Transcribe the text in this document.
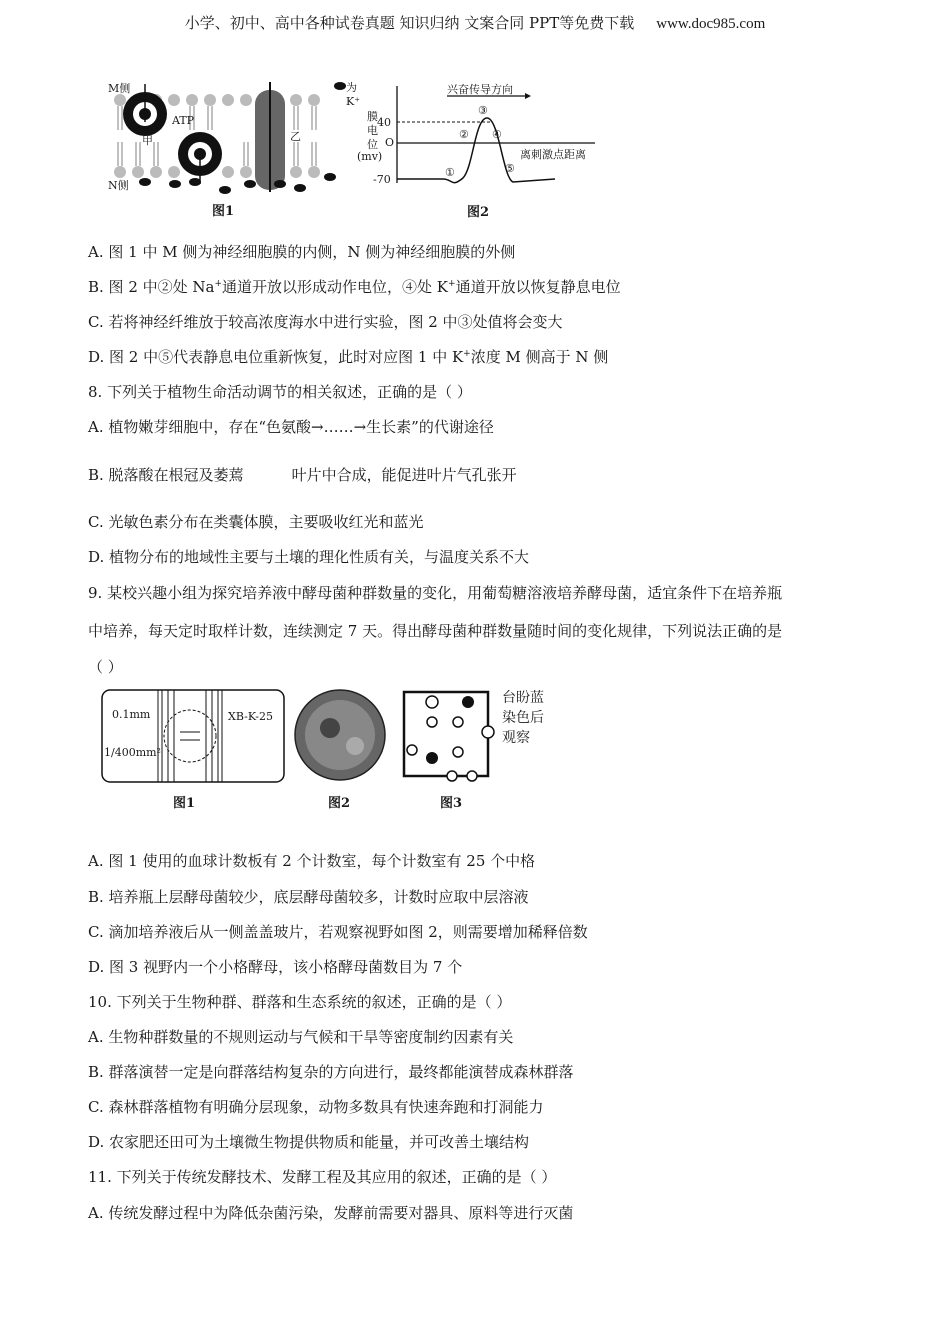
小学、初中、高中各种试卷真题 知识归纳 文案合同 PPT等免费下载 www.doc985.com
M侧	为K⁺
ATP
甲	乙
N侧
图1
兴奋传导方向
膜
电
位
(mv)
40
O
-70
离刺激点距离
①
②
③
④
⑤
图2
A. 图 1 中 M 侧为神经细胞膜的内侧，N 侧为神经细胞膜的外侧
B. 图 2 中②处 Na+通道开放以形成动作电位，④处 K+通道开放以恢复静息电位
C. 若将神经纤维放于较高浓度海水中进行实验，图 2 中③处值将会变大
D. 图 2 中⑤代表静息电位重新恢复，此时对应图 1 中 K+浓度 M 侧高于 N 侧
8. 下列关于植物生命活动调节的相关叙述，正确的是（ ）
A. 植物嫩芽细胞中，存在“色氨酸→……→生长素”的代谢途径
B. 脱落酸在根冠及萎蔫	叶片中合成，能促进叶片气孔张开
C. 光敏色素分布在类囊体膜，主要吸收红光和蓝光
D. 植物分布的地域性主要与土壤的理化性质有关，与温度关系不大
9. 某校兴趣小组为探究培养液中酵母菌种群数量的变化，用葡萄糖溶液培养酵母菌，适宜条件下在培养瓶
中培养，每天定时取样计数，连续测定 7 天。得出酵母菌种群数量随时间的变化规律，下列说法正确的是
（ ）
0.1mm
1/400mm²
XB-K-25
台盼蓝
染色后
观察
图1	图2	图3
A. 图 1 使用的血球计数板有 2 个计数室，每个计数室有 25 个中格
B. 培养瓶上层酵母菌较少，底层酵母菌较多，计数时应取中层溶液
C. 滴加培养液后从一侧盖盖玻片，若观察视野如图 2，则需要增加稀释倍数
D. 图 3 视野内一个小格酵母，该小格酵母菌数目为 7 个
10. 下列关于生物种群、群落和生态系统的叙述，正确的是（ ）
A. 生物种群数量的不规则运动与气候和干旱等密度制约因素有关
B. 群落演替一定是向群落结构复杂的方向进行，最终都能演替成森林群落
C. 森林群落植物有明确分层现象，动物多数具有快速奔跑和打洞能力
D. 农家肥还田可为土壤微生物提供物质和能量，并可改善土壤结构
11. 下列关于传统发酵技术、发酵工程及其应用的叙述，正确的是（ ）
A. 传统发酵过程中为降低杂菌污染，发酵前需要对器具、原料等进行灭菌
